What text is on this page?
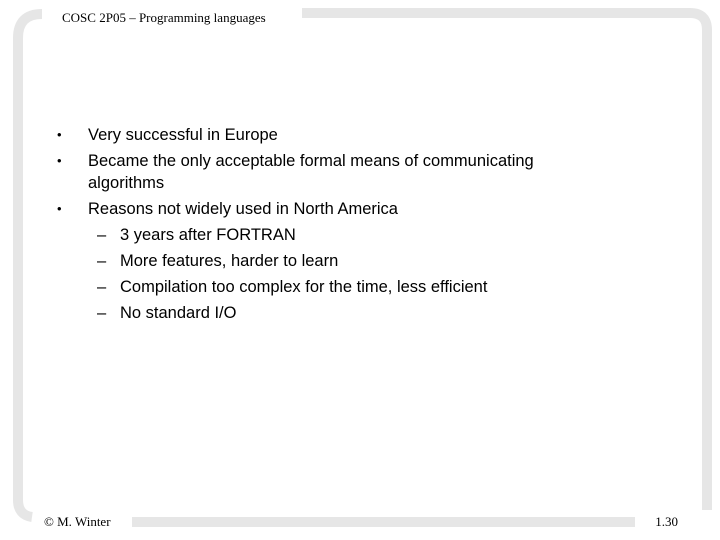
COSC 2P05 – Programming languages
•	Very successful in Europe
•	Became the only acceptable formal means of communicating algorithms
•	Reasons not widely used in North America
– 3 years after FORTRAN
– More features, harder to learn
– Compilation too complex for the time, less efficient
– No standard I/O
© M. Winter	1.30
